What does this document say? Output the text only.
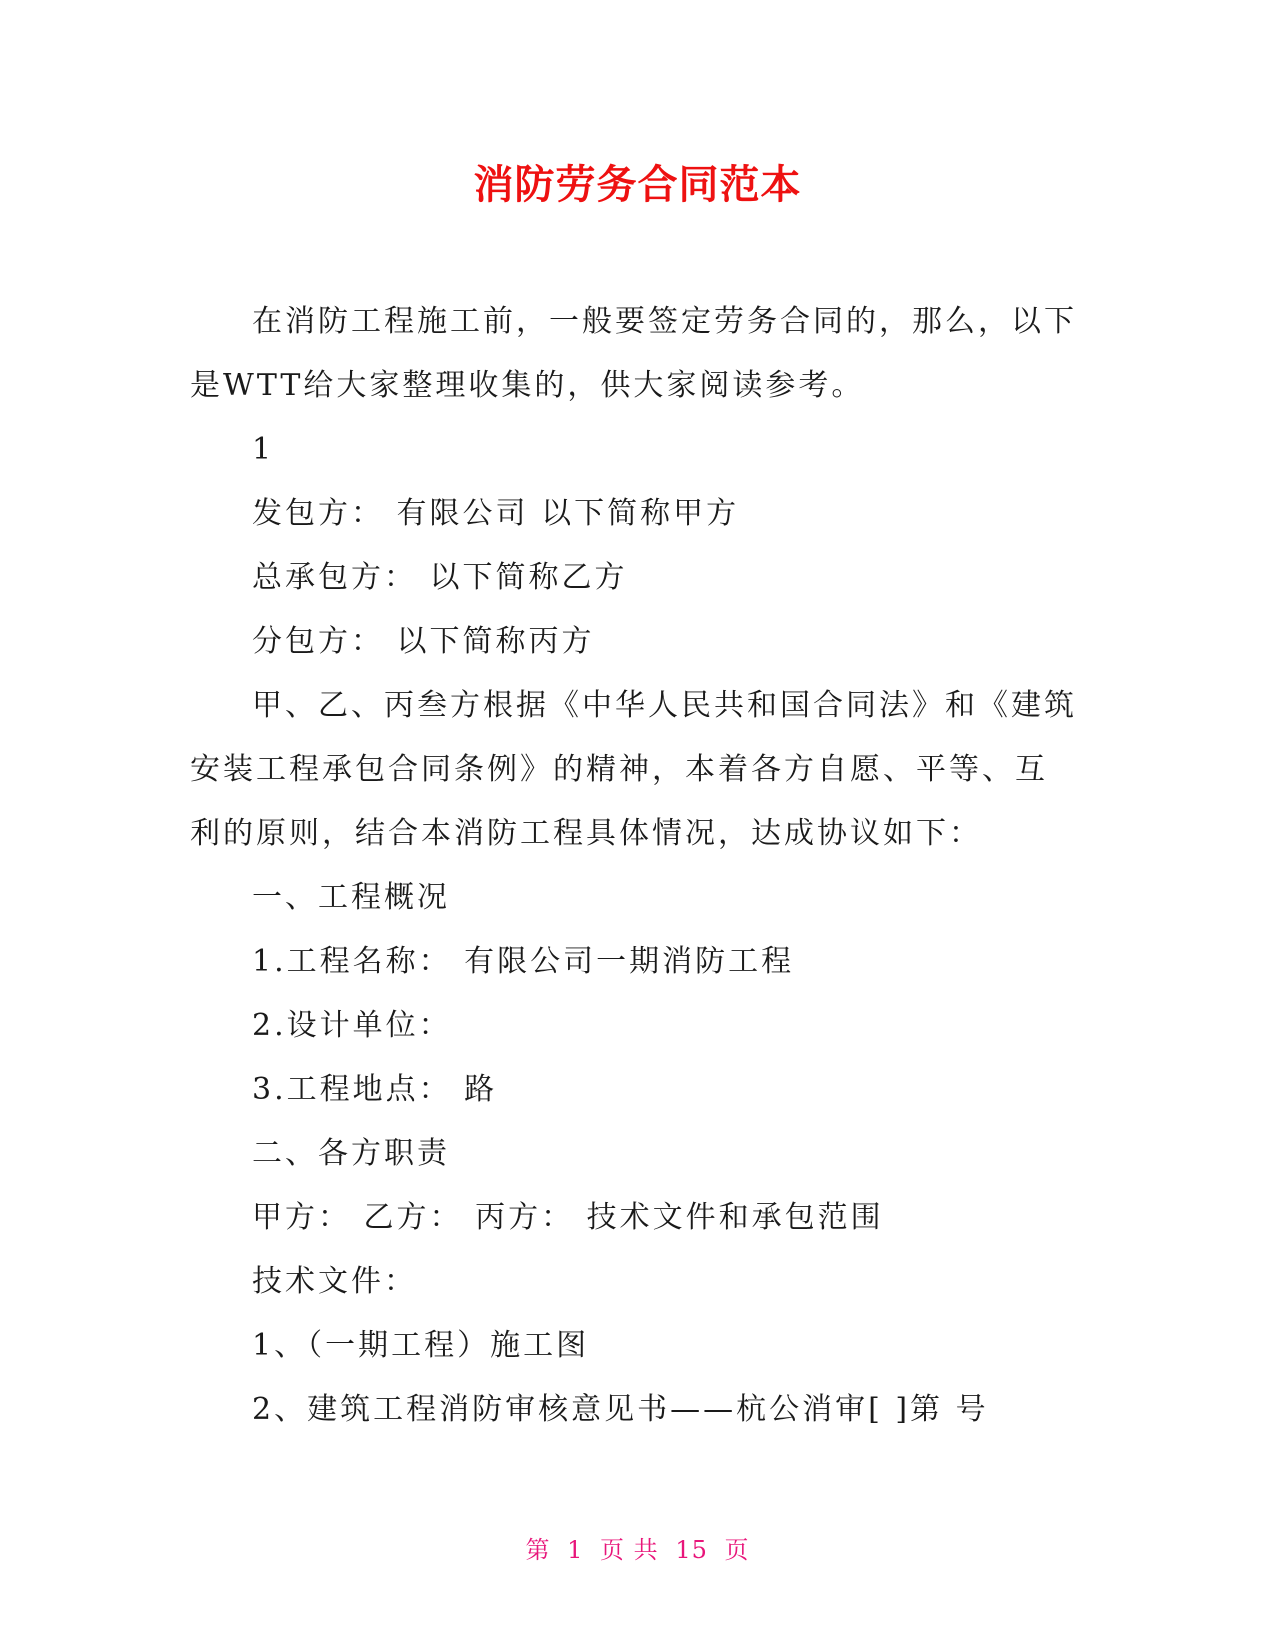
消防劳务合同范本

在消防工程施工前，一般要签定劳务合同的，那么，以下是WTT给大家整理收集的，供大家阅读参考。

1

发包方： 有限公司 以下简称甲方

总承包方： 以下简称乙方

分包方： 以下简称丙方

甲、乙、丙叁方根据《中华人民共和国合同法》和《建筑安装工程承包合同条例》的精神，本着各方自愿、平等、互利的原则，结合本消防工程具体情况，达成协议如下：

一、工程概况

1.工程名称： 有限公司一期消防工程

2.设计单位：

3.工程地点： 路

二、各方职责

甲方： 乙方： 丙方： 技术文件和承包范围

技术文件：

1、（一期工程）施工图

2、建筑工程消防审核意见书——杭公消审[ ]第 号

第 1 页 共 15 页
